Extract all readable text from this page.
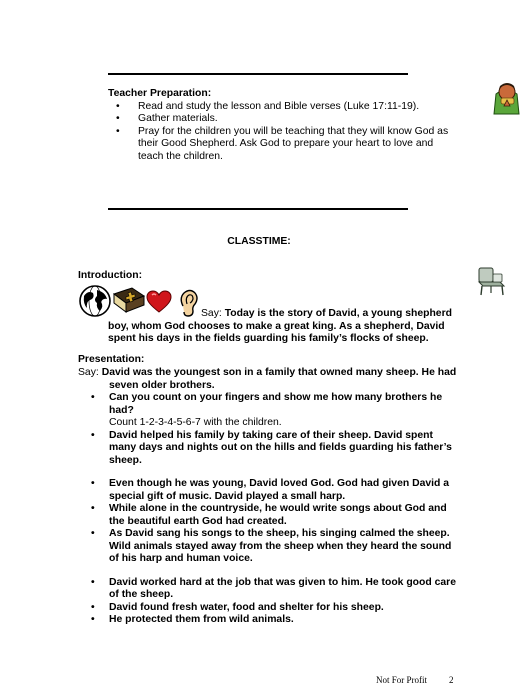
Teacher Preparation:
• Read and study the lesson and Bible verses (Luke 17:11-19).
• Gather materials.
• Pray for the children you will be teaching that they will know God as their Good Shepherd. Ask God to prepare your heart to love and teach the children.
CLASSTIME:
Introduction:
Say: Today is the story of David, a young shepherd boy, whom God chooses to make a great king. As a shepherd, David spent his days in the fields guarding his family’s flocks of sheep.
Presentation:
Say: David was the youngest son in a family that owned many sheep. He had seven older brothers.
• Can you count on your fingers and show me how many brothers he had?
Count 1-2-3-4-5-6-7 with the children.
• David helped his family by taking care of their sheep. David spent many days and nights out on the hills and fields guarding his father’s sheep.
• Even though he was young, David loved God. God had given David a special gift of music. David played a small harp.
• While alone in the countryside, he would write songs about God and the beautiful earth God had created.
• As David sang his songs to the sheep, his singing calmed the sheep. Wild animals stayed away from the sheep when they heard the sound of his harp and human voice.
• David worked hard at the job that was given to him. He took good care of the sheep.
• David found fresh water, food and shelter for his sheep.
• He protected them from wild animals.
Not For Profit 2
